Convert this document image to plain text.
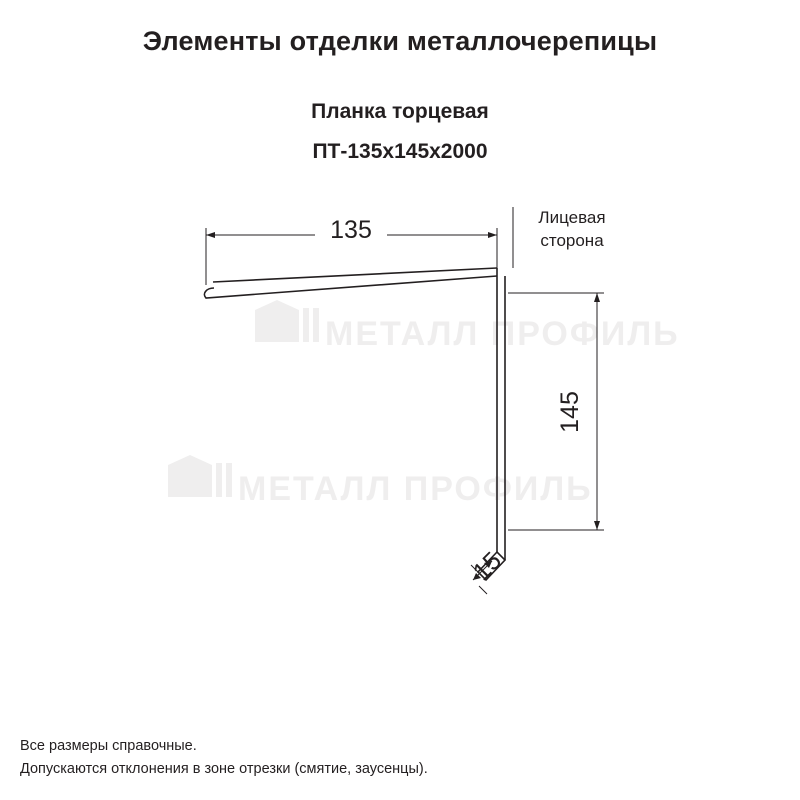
МЕТАЛЛ ПРОФИЛЬ
МЕТАЛЛ ПРОФИЛЬ
135
145
15
Лицевая
сторона
Элементы отделки металлочерепицы
Планка торцевая
ПТ-135х145х2000
Все размеры справочные.
Допускаются отклонения в зоне отрезки (смятие, заусенцы).
